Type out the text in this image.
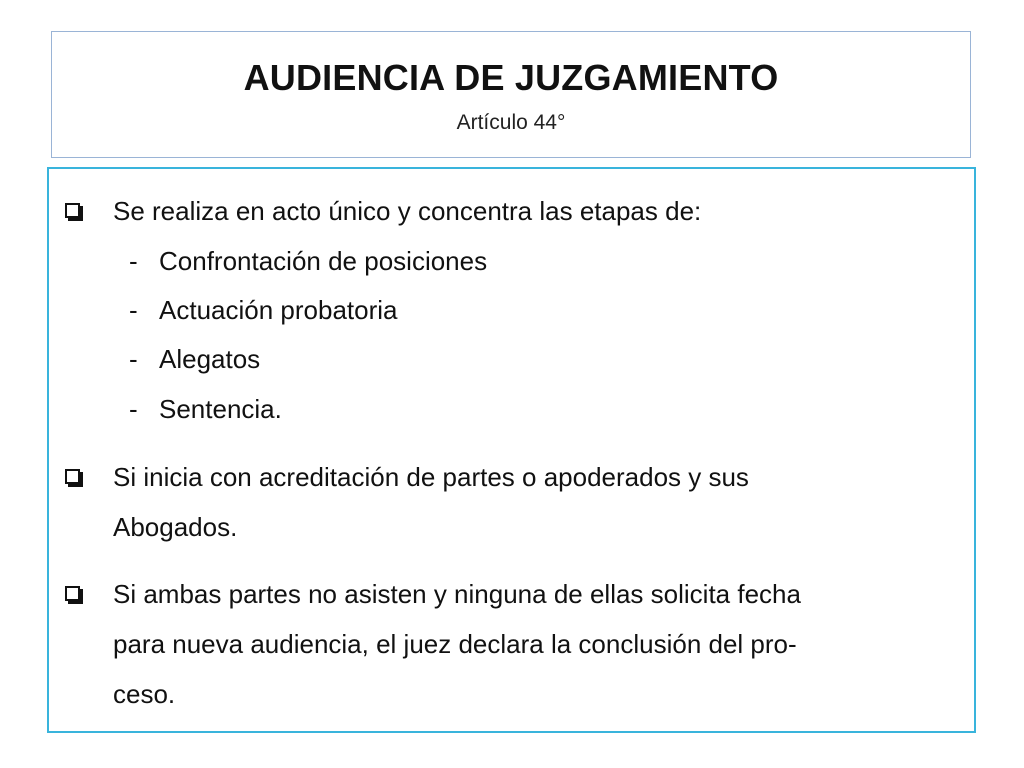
AUDIENCIA DE JUZGAMIENTO
Artículo 44°
Se realiza en acto único y concentra las etapas de:
- Confrontación de posiciones
- Actuación probatoria
- Alegatos
- Sentencia.
Si inicia con acreditación de partes o apoderados y sus
Abogados.
Si ambas partes no asisten y ninguna de ellas solicita fecha
para nueva audiencia, el juez declara la conclusión del pro-
ceso.
